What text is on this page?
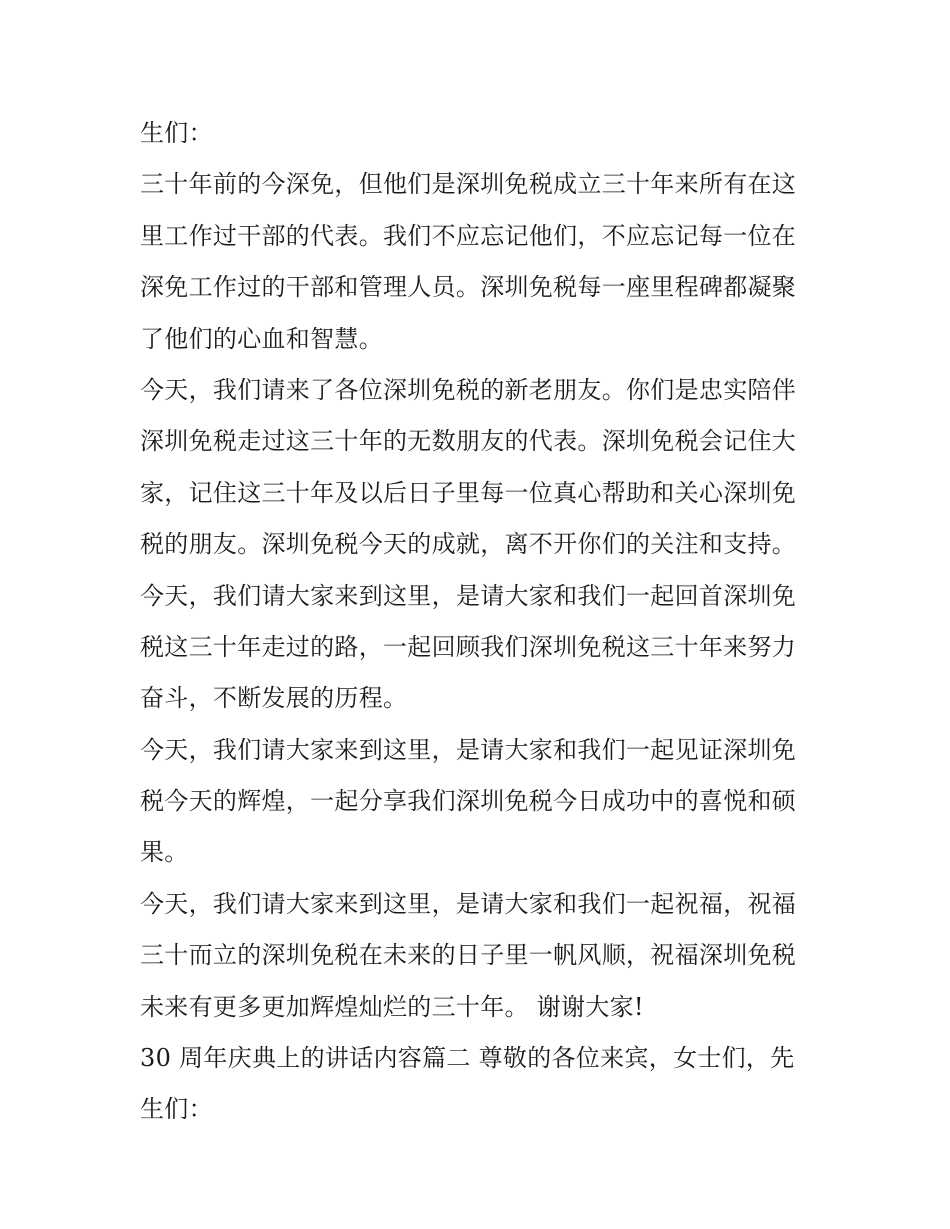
生们：
三十年前的今深免，但他们是深圳免税成立三十年来所有在这
里工作过干部的代表。我们不应忘记他们，不应忘记每一位在
深免工作过的干部和管理人员。深圳免税每一座里程碑都凝聚
了他们的心血和智慧。
今天，我们请来了各位深圳免税的新老朋友。你们是忠实陪伴
深圳免税走过这三十年的无数朋友的代表。深圳免税会记住大
家，记住这三十年及以后日子里每一位真心帮助和关心深圳免
税的朋友。深圳免税今天的成就，离不开你们的关注和支持。
今天，我们请大家来到这里，是请大家和我们一起回首深圳免
税这三十年走过的路，一起回顾我们深圳免税这三十年来努力
奋斗，不断发展的历程。
今天，我们请大家来到这里，是请大家和我们一起见证深圳免
税今天的辉煌，一起分享我们深圳免税今日成功中的喜悦和硕
果。
今天，我们请大家来到这里，是请大家和我们一起祝福，祝福
三十而立的深圳免税在未来的日子里一帆风顺，祝福深圳免税
未来有更多更加辉煌灿烂的三十年。 谢谢大家!
30 周年庆典上的讲话内容篇二 尊敬的各位来宾，女士们，先
生们：
